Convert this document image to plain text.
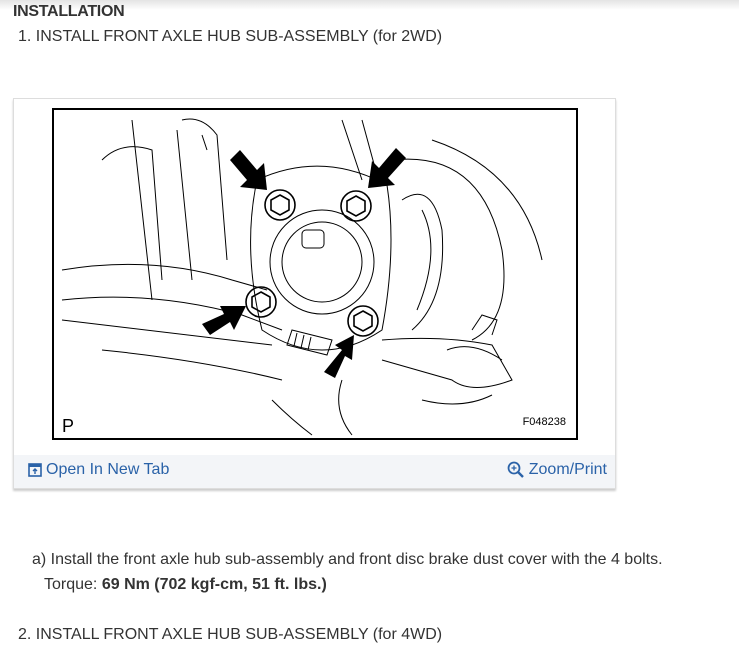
INSTALLATION
1. INSTALL FRONT AXLE HUB SUB-ASSEMBLY (for 2WD)
P	F048238
Open In New Tab	Zoom/Print
a) Install the front axle hub sub-assembly and front disc brake dust cover with the 4 bolts.
Torque: 69 Nm (702 kgf-cm, 51 ft. lbs.)
2. INSTALL FRONT AXLE HUB SUB-ASSEMBLY (for 4WD)
